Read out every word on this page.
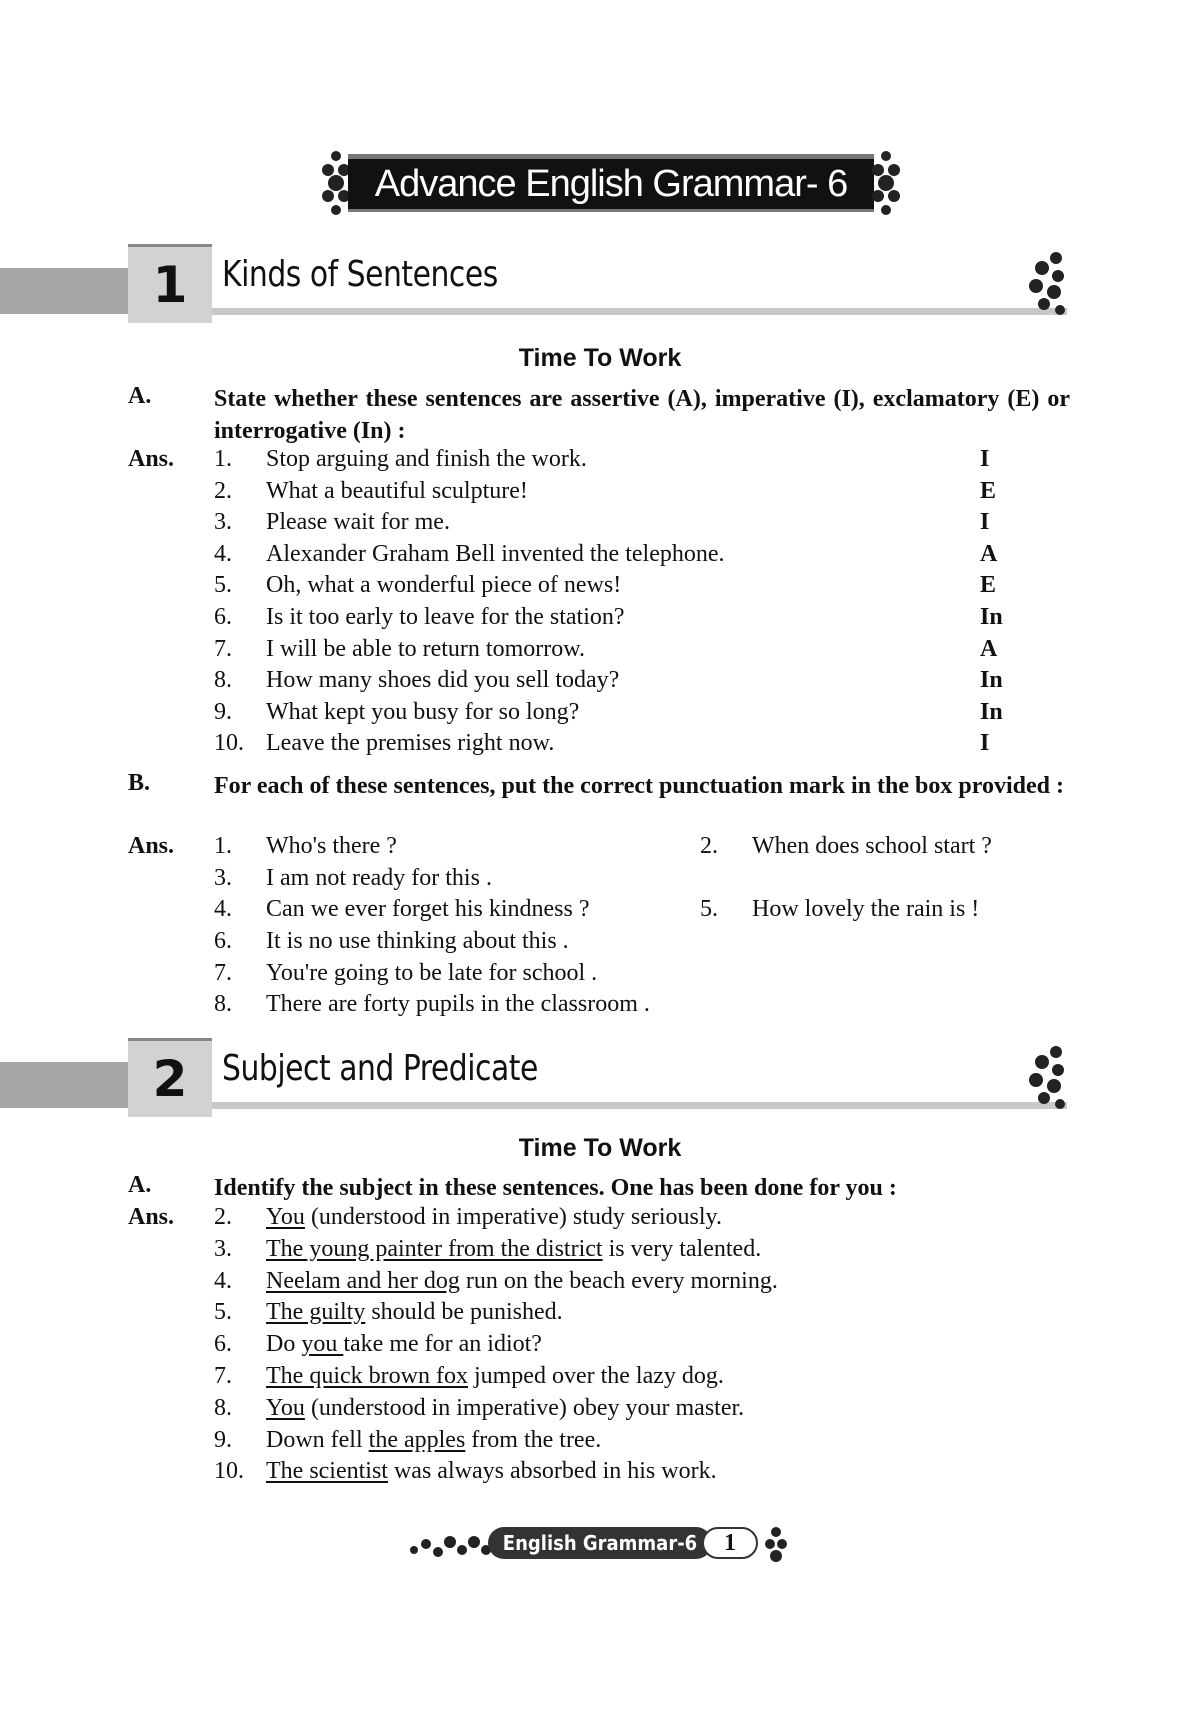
Advance English Grammar- 6
1 Kinds of Sentences
Time To Work
A.	State whether these sentences are assertive (A), imperative (I), exclamatory (E) or interrogative (In) :
Ans. 1. Stop arguing and finish the work.	I
2. What a beautiful sculpture!	E
3. Please wait for me.	I
4. Alexander Graham Bell invented the telephone.	A
5. Oh, what a wonderful piece of news!	E
6. Is it too early to leave for the station?	In
7. I will be able to return tomorrow.	A
8. How many shoes did you sell today?	In
9. What kept you busy for so long?	In
10. Leave the premises right now.	I
B.	For each of these sentences, put the correct punctuation mark in the box provided :
Ans. 1. Who's there ?	2. When does school start ?
3. I am not ready for this .
4. Can we ever forget his kindness ?	5. How lovely the rain is !
6. It is no use thinking about this .
7. You're going to be late for school .
8. There are forty pupils in the classroom .
2 Subject and Predicate
Time To Work
A.	Identify the subject in these sentences. One has been done for you :
Ans. 2. You (understood in imperative) study seriously.
3. The young painter from the district is very talented.
4. Neelam and her dog run on the beach every morning.
5. The guilty should be punished.
6. Do you take me for an idiot?
7. The quick brown fox jumped over the lazy dog.
8. You (understood in imperative) obey your master.
9. Down fell the apples from the tree.
10. The scientist was always absorbed in his work.
English Grammar-6	1
